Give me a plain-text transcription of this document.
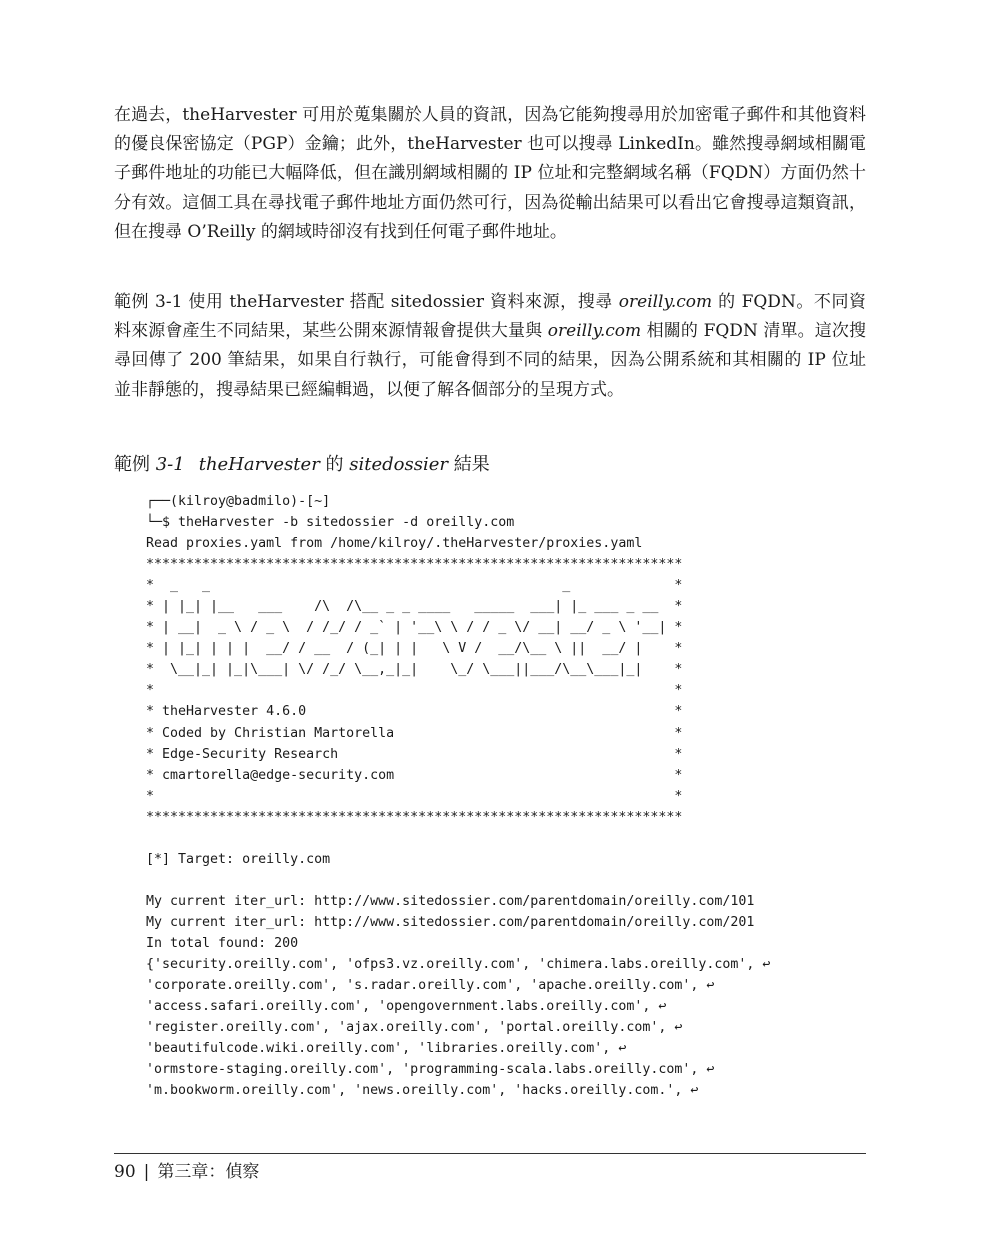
在過去，theHarvester 可用於蒐集關於人員的資訊，因為它能夠搜尋用於加密電子郵件和其他資料的優良保密協定（PGP）金鑰；此外，theHarvester 也可以搜尋 LinkedIn。雖然搜尋網域相關電子郵件地址的功能已大幅降低，但在識別網域相關的 IP 位址和完整網域名稱（FQDN）方面仍然十分有效。這個工具在尋找電子郵件地址方面仍然可行，因為從輸出結果可以看出它會搜尋這類資訊，但在搜尋 O’Reilly 的網域時卻沒有找到任何電子郵件地址。

範例 3-1 使用 theHarvester 搭配 sitedossier 資料來源，搜尋 oreilly.com 的 FQDN。不同資料來源會產生不同結果，某些公開來源情報會提供大量與 oreilly.com 相關的 FQDN 清單。這次搜尋回傳了 200 筆結果，如果自行執行，可能會得到不同的結果，因為公開系統和其相關的 IP 位址並非靜態的，搜尋結果已經編輯過，以便了解各個部分的呈現方式。

範例 3-1 theHarvester 的 sitedossier 結果
┌──(kilroy@badmilo)-[~]
└─$ theHarvester -b sitedossier -d oreilly.com
Read proxies.yaml from /home/kilroy/.theHarvester/proxies.yaml
*******************************************************************
*  _   _                                            _             *
* | |_| |__   ___    /\  /\__ _ _ ____   _____  ___| |_ ___ _ __  *
* | __|  _ \ / _ \  / /_/ / _` | '__\ \ / / _ \/ __| __/ _ \ '__| *
* | |_| | | |  __/ / __  / (_| | |   \ V /  __/\__ \ ||  __/ |    *
*  \__|_| |_|\___| \/ /_/ \__,_|_|    \_/ \___||___/\__\___|_|    *
*                                                                 *
* theHarvester 4.6.0                                              *
* Coded by Christian Martorella                                   *
* Edge-Security Research                                          *
* cmartorella@edge-security.com                                   *
*                                                                 *
*******************************************************************

[*] Target: oreilly.com

My current iter_url: http://www.sitedossier.com/parentdomain/oreilly.com/101
My current iter_url: http://www.sitedossier.com/parentdomain/oreilly.com/201
In total found: 200
{'security.oreilly.com', 'ofps3.vz.oreilly.com', 'chimera.labs.oreilly.com', ↩
'corporate.oreilly.com', 's.radar.oreilly.com', 'apache.oreilly.com', ↩
'access.safari.oreilly.com', 'opengovernment.labs.oreilly.com', ↩
'register.oreilly.com', 'ajax.oreilly.com', 'portal.oreilly.com', ↩
'beautifulcode.wiki.oreilly.com', 'libraries.oreilly.com', ↩
'ormstore-staging.oreilly.com', 'programming-scala.labs.oreilly.com', ↩
'm.bookworm.oreilly.com', 'news.oreilly.com', 'hacks.oreilly.com.', ↩
90 | 第三章：偵察
